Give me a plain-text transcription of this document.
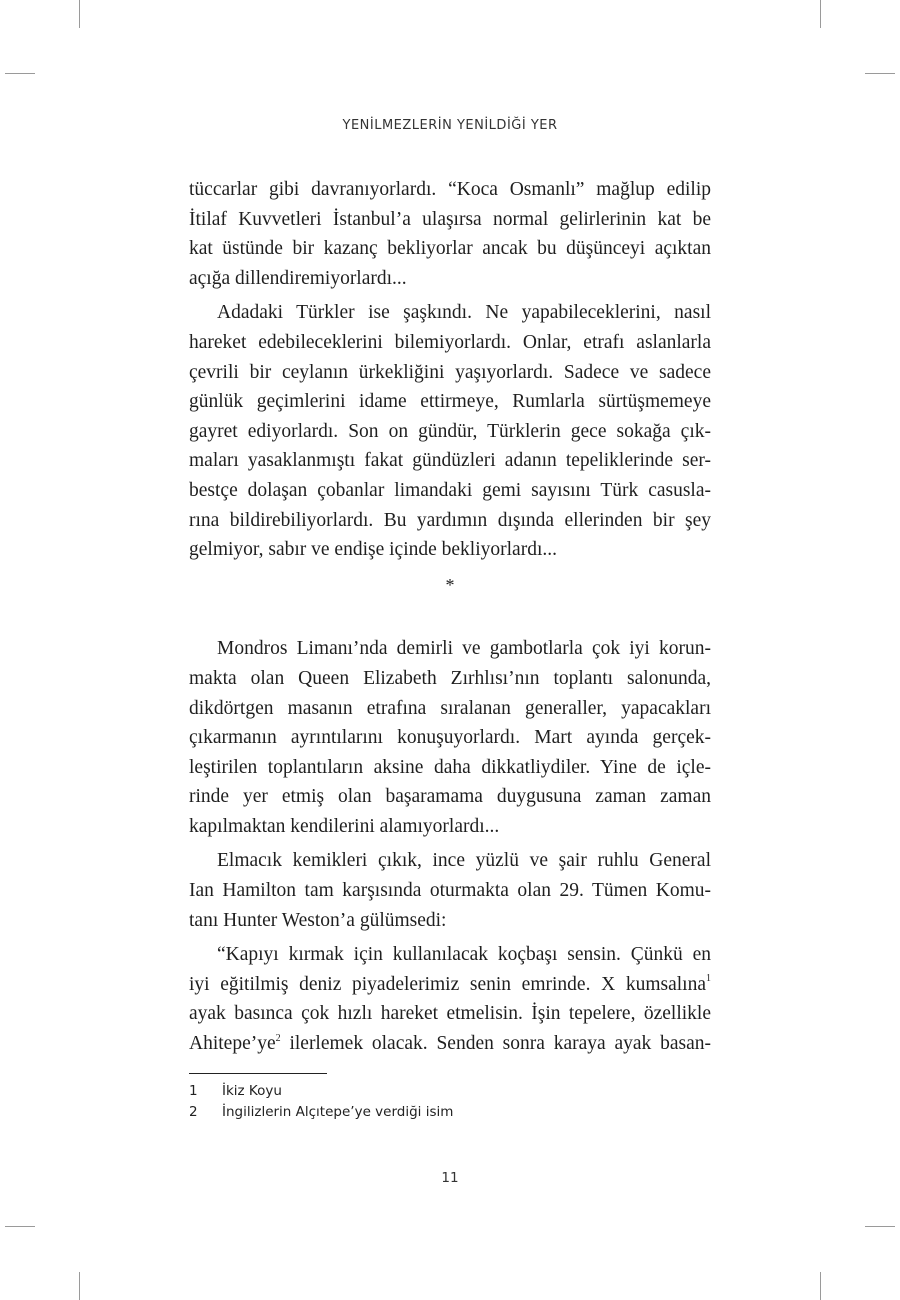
YENİLMEZLERİN YENİLDİĞİ YER
tüccarlar gibi davranıyorlardı. “Koca Osmanlı” mağlup edilip
İtilaf Kuvvetleri İstanbul’a ulaşırsa normal gelirlerinin kat be
kat üstünde bir kazanç bekliyorlar ancak bu düşünceyi açıktan
açığa dillendiremiyorlardı...
Adadaki Türkler ise şaşkındı. Ne yapabileceklerini, nasıl
hareket edebileceklerini bilemiyorlardı. Onlar, etrafı aslanlarla
çevrili bir ceylanın ürkekliğini yaşıyorlardı. Sadece ve sadece
günlük geçimlerini idame ettirmeye, Rumlarla sürtüşmemeye
gayret ediyorlardı. Son on gündür, Türklerin gece sokağa çık-
maları yasaklanmıştı fakat gündüzleri adanın tepeliklerinde ser-
bestçe dolaşan çobanlar limandaki gemi sayısını Türk casusla-
rına bildirebiliyorlardı. Bu yardımın dışında ellerinden bir şey
gelmiyor, sabır ve endişe içinde bekliyorlardı...
*
Mondros Limanı’nda demirli ve gambotlarla çok iyi korun-
makta olan Queen Elizabeth Zırhlısı’nın toplantı salonunda,
dikdörtgen masanın etrafına sıralanan generaller, yapacakları
çıkarmanın ayrıntılarını konuşuyorlardı. Mart ayında gerçek-
leştirilen toplantıların aksine daha dikkatliydiler. Yine de içle-
rinde yer etmiş olan başaramama duygusuna zaman zaman
kapılmaktan kendilerini alamıyorlardı...
Elmacık kemikleri çıkık, ince yüzlü ve şair ruhlu General
Ian Hamilton tam karşısında oturmakta olan 29. Tümen Komu-
tanı Hunter Weston’a gülümsedi:
“Kapıyı kırmak için kullanılacak koçbaşı sensin. Çünkü en
iyi eğitilmiş deniz piyadelerimiz senin emrinde. X kumsalına$^1$
ayak basınca çok hızlı hareket etmelisin. İşin tepelere, özellikle
$Ahitepe’ye^2$ ilerlemek olacak. Senden sonra karaya ayak basan-
1	İkiz Koyu
2	İngilizlerin Alçıtepe’ye verdiği isim
11
